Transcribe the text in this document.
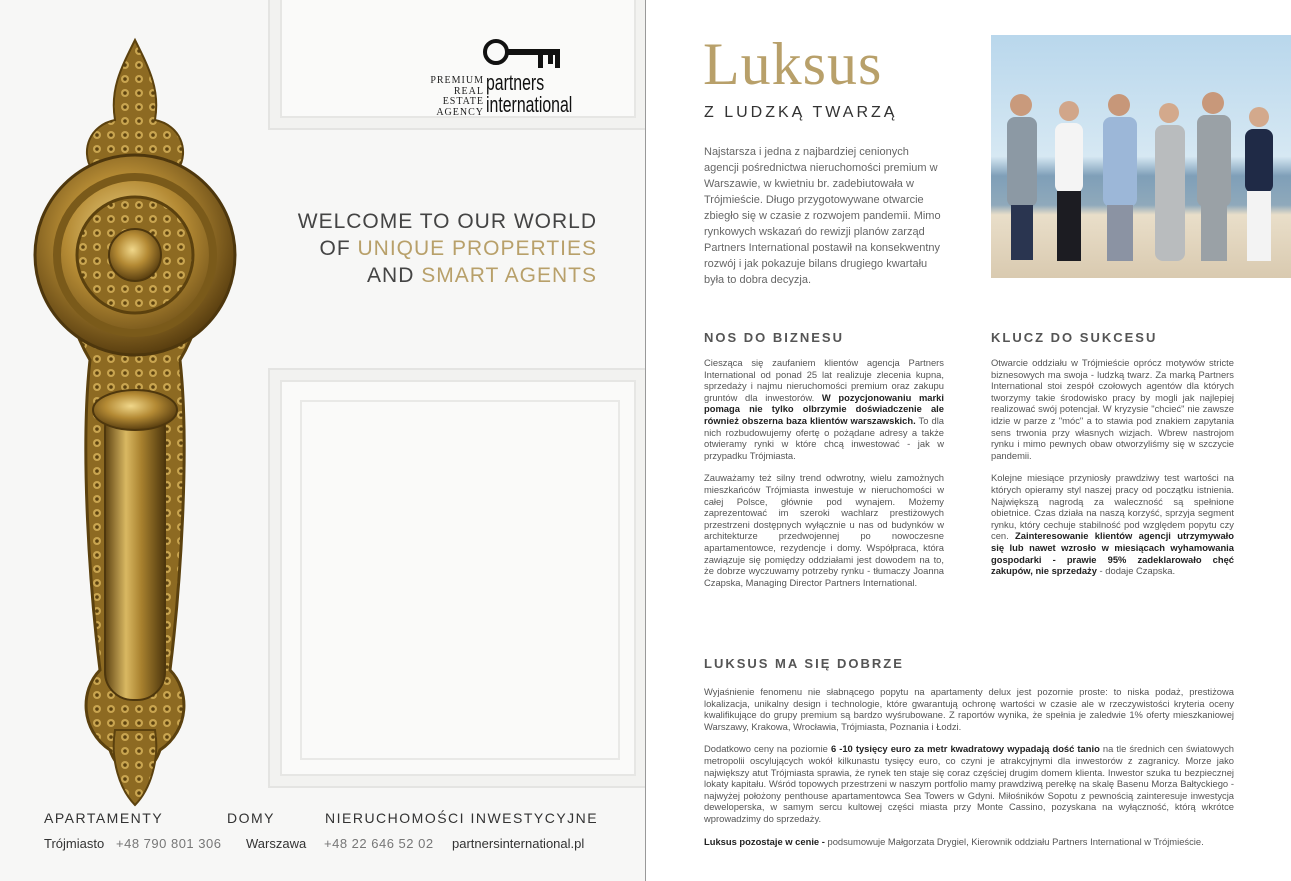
PREMIUM
REAL
ESTATE
AGENCY
partners
international
WELCOME TO OUR WORLD
OF UNIQUE PROPERTIES
AND SMART AGENTS
APARTAMENTY	DOMY	NIERUCHOMOŚCI INWESTYCYJNE
Trójmiasto +48 790 801 306 Warszawa +48 22 646 52 02 partnersinternational.pl
Luksus
Z LUDZKĄ TWARZĄ
Najstarsza i jedna z najbardziej cenionych agencji pośrednictwa nieruchomości premium w Warszawie, w kwietniu br. zadebiutowała w Trójmieście. Długo przygotowywane otwarcie zbiegło się w czasie z rozwojem pandemii. Mimo rynkowych wskazań do rewizji planów zarząd Partners International postawił na konsekwentny rozwój i jak pokazuje bilans drugiego kwartału była to dobra decyzja.
NOS DO BIZNESU

Ciesząca się zaufaniem klientów agencja Partners International od ponad 25 lat realizuje zlecenia kupna, sprzedaży i najmu nieruchomości premium oraz zakupu gruntów dla inwestorów. W pozycjonowaniu marki pomaga nie tylko olbrzymie doświadczenie ale również obszerna baza klientów warszawskich. To dla nich rozbudowujemy ofertę o pożądane adresy a także otwieramy rynki w które chcą inwestować - jak w przypadku Trójmiasta.

Zauważamy też silny trend odwrotny, wielu zamożnych mieszkańców Trójmiasta inwestuje w nieruchomości w całej Polsce, głównie pod wynajem. Możemy zaprezentować im szeroki wachlarz prestiżowych przestrzeni dostępnych wyłącznie u nas od budynków w architekturze przedwojennej po nowoczesne apartamentowce, rezydencje i domy. Współpraca, która zawiązuje się pomiędzy oddziałami jest dowodem na to, że dobrze wyczuwamy potrzeby rynku - tłumaczy Joanna Czapska, Managing Director Partners International.

KLUCZ DO SUKCESU

Otwarcie oddziału w Trójmieście oprócz motywów stricte biznesowych ma swoja - ludzką twarz. Za marką Partners International stoi zespół czołowych agentów dla których tworzymy takie środowisko pracy by mogli jak najlepiej realizować swój potencjał. W kryzysie "chcieć" nie zawsze idzie w parze z "móc" a to stawia pod znakiem zapytania sens trwonia przy własnych wizjach. Wbrew nastrojom rynku i mimo pewnych obaw otworzyliśmy się w szczycie pandemii.

Kolejne miesiące przyniosły prawdziwy test wartości na których opieramy styl naszej pracy od początku istnienia. Największą nagrodą za waleczność są spełnione obietnice. Czas działa na naszą korzyść, sprzyja segment rynku, który cechuje stabilność pod względem popytu czy cen. Zainteresowanie klientów agencji utrzymywało się lub nawet wzrosło w miesiącach wyhamowania gospodarki - prawie 95% zadeklarowało chęć zakupów, nie sprzedaży - dodaje Czapska.

LUKSUS MA SIĘ DOBRZE

Wyjaśnienie fenomenu nie słabnącego popytu na apartamenty delux jest pozornie proste: to niska podaż, prestiżowa lokalizacja, unikalny design i technologie, które gwarantują ochronę wartości w czasie ale w rzeczywistości kryteria oceny kwalifikujące do grupy premium są bardzo wyśrubowane. Z raportów wynika, że spełnia je zaledwie 1% oferty mieszkaniowej Warszawy, Krakowa, Wrocławia, Trójmiasta, Poznania i Łodzi.

Dodatkowo ceny na poziomie 6 -10 tysięcy euro za metr kwadratowy wypadają dość tanio na tle średnich cen światowych metropolii oscylujących wokół kilkunastu tysięcy euro, co czyni je atrakcyjnymi dla inwestorów z zagranicy. Morze jako największy atut Trójmiasta sprawia, że rynek ten staje się coraz częściej drugim domem klienta. Inwestor szuka tu bezpiecznej lokaty kapitału. Wśród topowych przestrzeni w naszym portfolio mamy prawdziwą perełkę na skalę Basenu Morza Bałtyckiego - najwyżej położony penthouse apartamentowca Sea Towers w Gdyni. Miłośników Sopotu z pewnością zainteresuje inwestycja deweloperska, w samym sercu kultowej części miasta przy Monte Cassino, pozyskana na wyłączność, którą wkrótce wprowadzimy do sprzedaży.

Luksus pozostaje w cenie - podsumowuje Małgorzata Drygiel, Kierownik oddziału Partners International w Trójmieście.
